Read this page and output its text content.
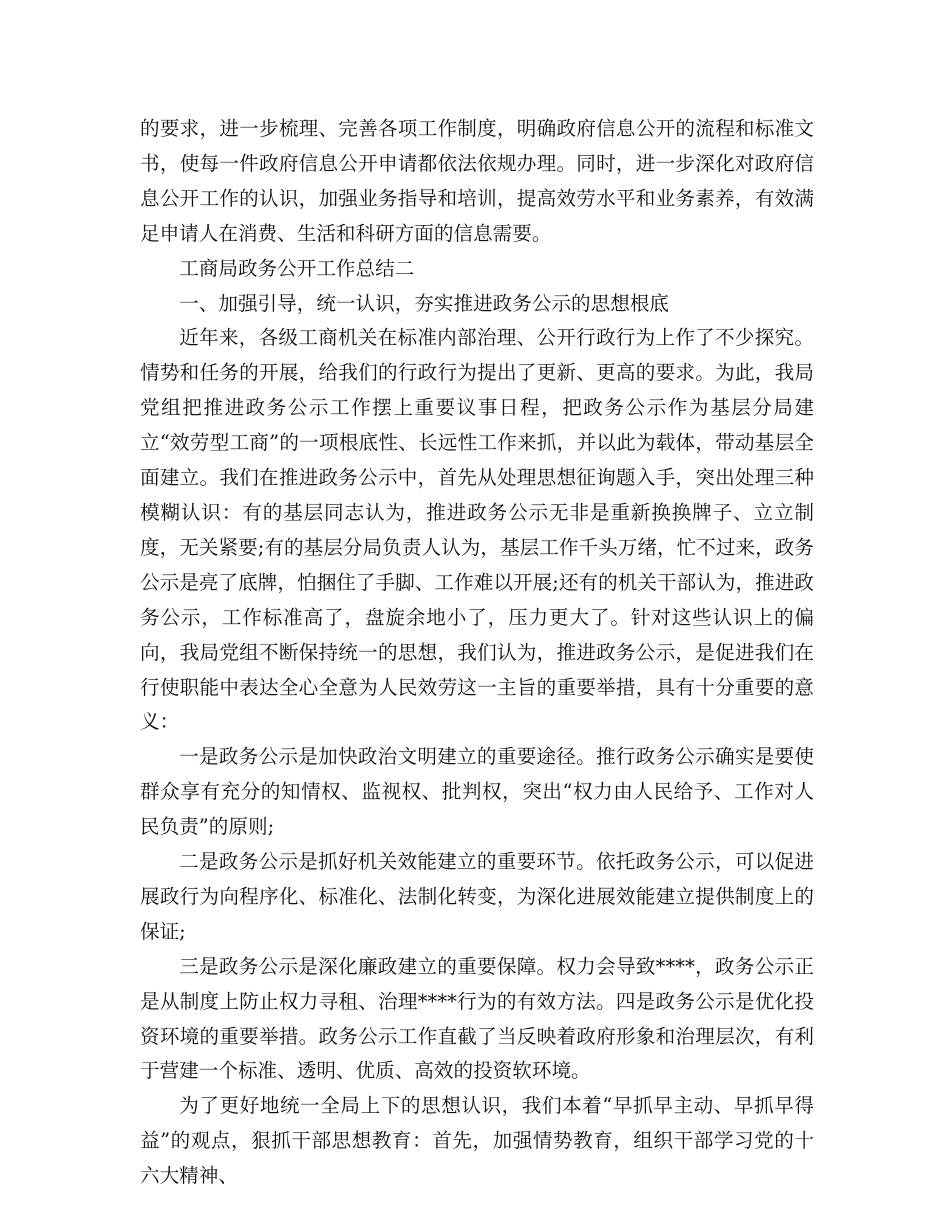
的要求，进一步梳理、完善各项工作制度，明确政府信息公开的流程和标准文书，使每一件政府信息公开申请都依法依规办理。同时，进一步深化对政府信息公开工作的认识，加强业务指导和培训，提高效劳水平和业务素养，有效满足申请人在消费、生活和科研方面的信息需要。

工商局政务公开工作总结二

一、加强引导，统一认识，夯实推进政务公示的思想根底

近年来，各级工商机关在标准内部治理、公开行政行为上作了不少探究。情势和任务的开展，给我们的行政行为提出了更新、更高的要求。为此，我局党组把推进政务公示工作摆上重要议事日程，把政务公示作为基层分局建立“效劳型工商”的一项根底性、长远性工作来抓，并以此为载体，带动基层全面建立。我们在推进政务公示中，首先从处理思想征询题入手，突出处理三种模糊认识：有的基层同志认为，推进政务公示无非是重新换换牌子、立立制度，无关紧要;有的基层分局负责人认为，基层工作千头万绪，忙不过来，政务公示是亮了底牌，怕捆住了手脚、工作难以开展;还有的机关干部认为，推进政务公示，工作标准高了，盘旋余地小了，压力更大了。针对这些认识上的偏向，我局党组不断保持统一的思想，我们认为，推进政务公示，是促进我们在行使职能中表达全心全意为人民效劳这一主旨的重要举措，具有十分重要的意义：

一是政务公示是加快政治文明建立的重要途径。推行政务公示确实是要使群众享有充分的知情权、监视权、批判权，突出“权力由人民给予、工作对人民负责”的原则;

二是政务公示是抓好机关效能建立的重要环节。依托政务公示，可以促进展政行为向程序化、标准化、法制化转变，为深化进展效能建立提供制度上的保证;

三是政务公示是深化廉政建立的重要保障。权力会导致****，政务公示正是从制度上防止权力寻租、治理****行为的有效方法。四是政务公示是优化投资环境的重要举措。政务公示工作直截了当反映着政府形象和治理层次，有利于营建一个标准、透明、优质、高效的投资软环境。

为了更好地统一全局上下的思想认识，我们本着“早抓早主动、早抓早得益”的观点，狠抓干部思想教育：首先，加强情势教育，组织干部学习党的十六大精神、
